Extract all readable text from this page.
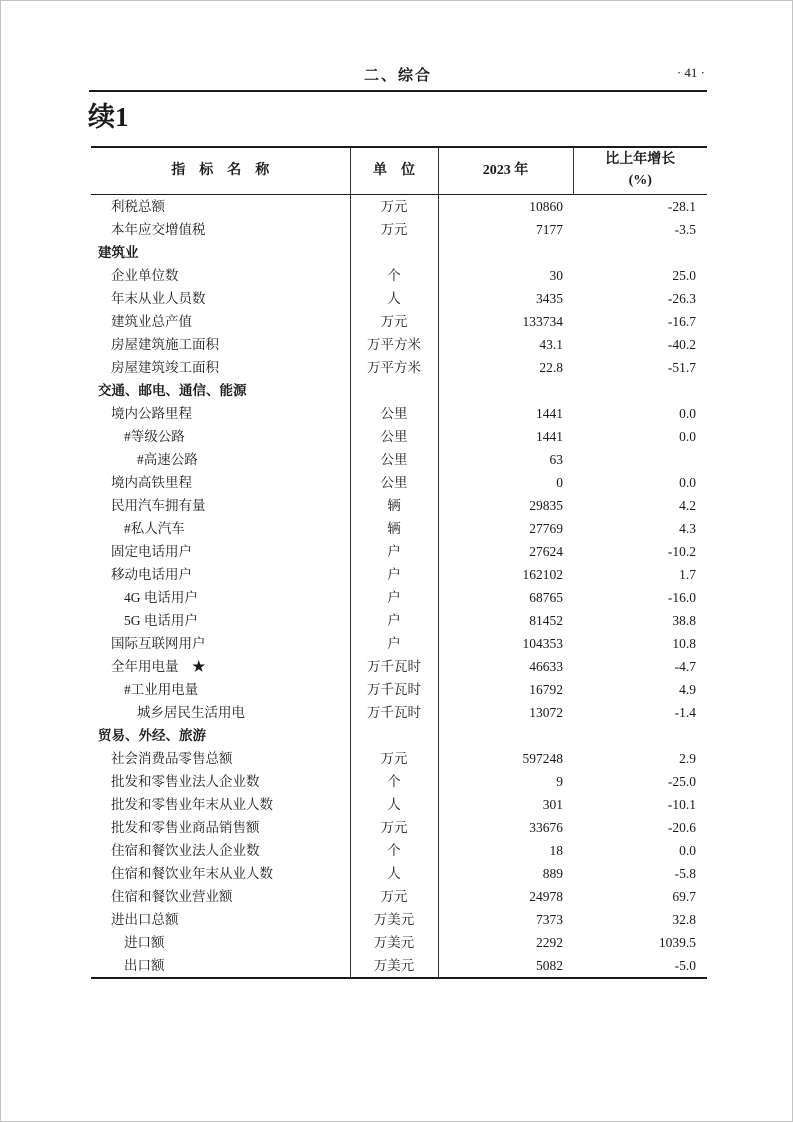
二、综合	· 41 ·
续1
指　标　名　称	单　位	2023 年	比上年增长
(%)

利税总额	万元	10860	-28.1
本年应交增值税	万元	7177	-3.5
建筑业			
企业单位数	个	30	25.0
年末从业人员数	人	3435	-26.3
建筑业总产值	万元	133734	-16.7
房屋建筑施工面积	万平方米	43.1	-40.2
房屋建筑竣工面积	万平方米	22.8	-51.7
交通、邮电、通信、能源			
境内公路里程	公里	1441	0.0
#等级公路	公里	1441	0.0
#高速公路	公里	63	
境内高铁里程	公里	0	0.0
民用汽车拥有量	辆	29835	4.2
#私人汽车	辆	27769	4.3
固定电话用户	户	27624	-10.2
移动电话用户	户	162102	1.7
4G 电话用户	户	68765	-16.0
5G 电话用户	户	81452	38.8
国际互联网用户	户	104353	10.8
全年用电量　★	万千瓦时	46633	-4.7
#工业用电量	万千瓦时	16792	4.9
城乡居民生活用电	万千瓦时	13072	-1.4
贸易、外经、旅游			
社会消费品零售总额	万元	597248	2.9
批发和零售业法人企业数	个	9	-25.0
批发和零售业年末从业人数	人	301	-10.1
批发和零售业商品销售额	万元	33676	-20.6
住宿和餐饮业法人企业数	个	18	0.0
住宿和餐饮业年末从业人数	人	889	-5.8
住宿和餐饮业营业额	万元	24978	69.7
进出口总额	万美元	7373	32.8
进口额	万美元	2292	1039.5
出口额	万美元	5082	-5.0
